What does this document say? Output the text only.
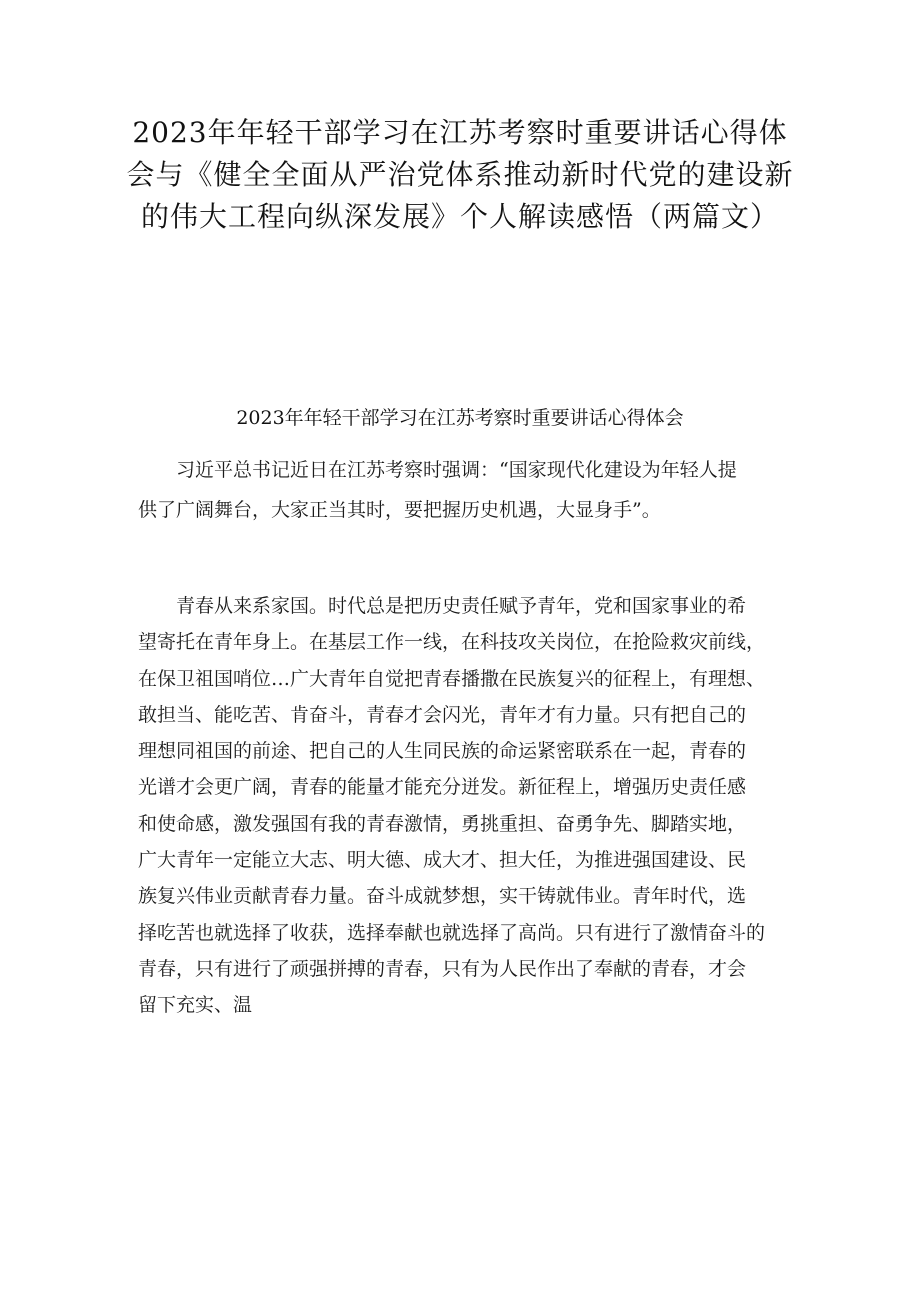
2023年年轻干部学习在江苏考察时重要讲话心得体
会与《健全全面从严治党体系推动新时代党的建设新
的伟大工程向纵深发展》个人解读感悟（两篇文）
2023年年轻干部学习在江苏考察时重要讲话心得体会

习近平总书记近日在江苏考察时强调：“国家现代化建设为年轻人提
供了广阔舞台，大家正当其时，要把握历史机遇，大显身手”。

青春从来系家国。时代总是把历史责任赋予青年，党和国家事业的希
望寄托在青年身上。在基层工作一线，在科技攻关岗位，在抢险救灾前线，
在保卫祖国哨位…广大青年自觉把青春播撒在民族复兴的征程上，有理想、
敢担当、能吃苦、肯奋斗，青春才会闪光，青年才有力量。只有把自己的
理想同祖国的前途、把自己的人生同民族的命运紧密联系在一起，青春的
光谱才会更广阔，青春的能量才能充分迸发。新征程上，增强历史责任感
和使命感，激发强国有我的青春激情，勇挑重担、奋勇争先、脚踏实地，
广大青年一定能立大志、明大德、成大才、担大任，为推进强国建设、民
族复兴伟业贡献青春力量。奋斗成就梦想，实干铸就伟业。青年时代，选
择吃苦也就选择了收获，选择奉献也就选择了高尚。只有进行了激情奋斗的
青春，只有进行了顽强拼搏的青春，只有为人民作出了奉献的青春，才会
留下充实、温
